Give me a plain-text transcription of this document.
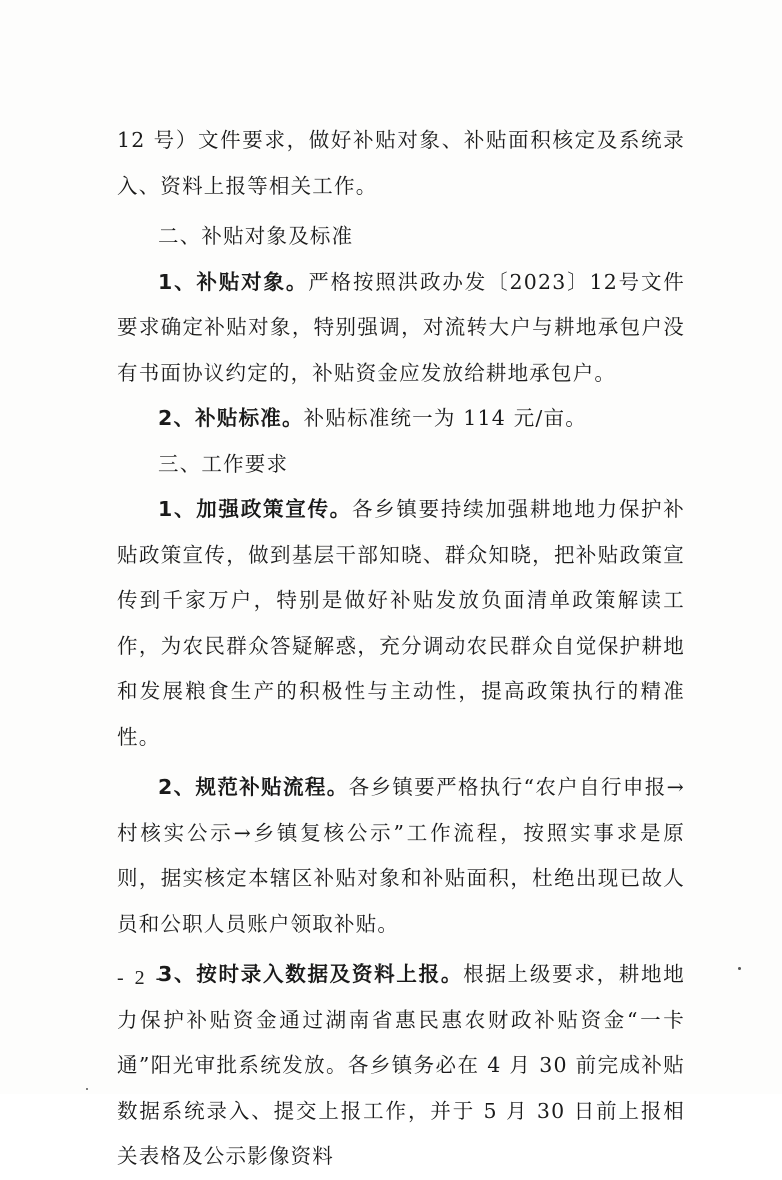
12 号）文件要求，做好补贴对象、补贴面积核定及系统录入、资料上报等相关工作。

二、补贴对象及标准

1、补贴对象。严格按照洪政办发〔2023〕12号文件要求确定补贴对象，特别强调，对流转大户与耕地承包户没有书面协议约定的，补贴资金应发放给耕地承包户。

2、补贴标准。补贴标准统一为 114 元/亩。

三、工作要求

1、加强政策宣传。各乡镇要持续加强耕地地力保护补贴政策宣传，做到基层干部知晓、群众知晓，把补贴政策宣传到千家万户，特别是做好补贴发放负面清单政策解读工作，为农民群众答疑解惑，充分调动农民群众自觉保护耕地和发展粮食生产的积极性与主动性，提高政策执行的精准性。

2、规范补贴流程。各乡镇要严格执行“农户自行申报→村核实公示→乡镇复核公示”工作流程，按照实事求是原则，据实核定本辖区补贴对象和补贴面积，杜绝出现已故人员和公职人员账户领取补贴。

3、按时录入数据及资料上报。根据上级要求，耕地地力保护补贴资金通过湖南省惠民惠农财政补贴资金“一卡通”阳光审批系统发放。各乡镇务必在 4 月 30 前完成补贴数据系统录入、提交上报工作，并于 5 月 30 日前上报相关表格及公示影像资料

- 2 -
